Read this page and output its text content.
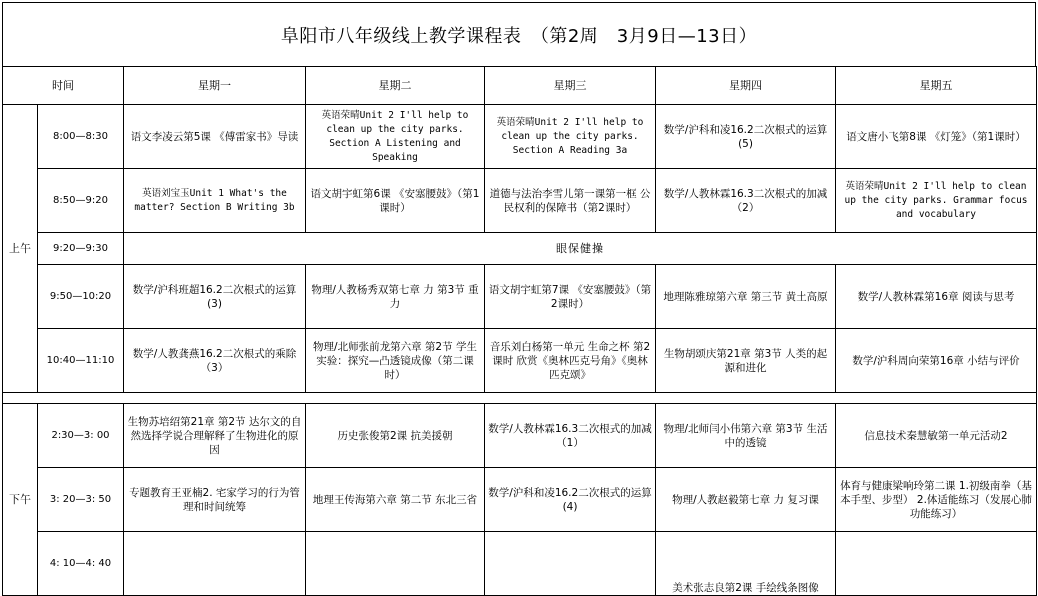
阜阳市八年级线上教学课程表　（第2周　3月9日—13日）
时间		星期一	星期二	星期三	星期四	星期五
上午	8:00—8:30	语文李凌云第5课 《傅雷家书》导读	英语荣晴Unit 2 I'll help to clean up the city parks. Section A Listening and Speaking	英语荣晴Unit 2 I'll help to clean up the city parks. Section A Reading 3a	数学/沪科和凌16.2二次根式的运算(5)	语文唐小飞第8课 《灯笼》（第1课时）
	8:50—9:20	英语刘宝玉Unit 1 What's the matter? Section B Writing 3b	语文胡宇虹第6课 《安塞腰鼓》（第1课时）	道德与法治李雪儿第一课第一框 公民权利的保障书（第2课时）	数学/人教林霖16.3二次根式的加减（2）	英语荣晴Unit 2 I'll help to clean up the city parks. Grammar focus and vocabulary
	9:20—9:30	眼保健操				
	9:50—10:20	数学/沪科班超16.2二次根式的运算(3)	物理/人教杨秀双第七章 力 第3节 重力	语文胡宇虹第7课 《安塞腰鼓》（第2课时）	地理陈雅琼第六章 第三节 黄土高原	数学/人教林霖第16章 阅读与思考
	10:40—11:10	数学/人教龚燕16.2二次根式的乘除（3）	物理/北师张前龙第六章 第2节 学生实验：探究—凸透镜成像（第二课时）	音乐刘白杨第一单元 生命之杯 第2课时 欣赏《奥林匹克号角》《奥林匹克颂》	生物胡颂庆第21章 第3节 人类的起源和进化	数学/沪科周向荣第16章 小结与评价

下午	2:30—3: 00	生物苏培绍第21章 第2节 达尔文的自然选择学说合理解释了生物进化的原因	历史张俊第2课 抗美援朝	数学/人教林霖16.3二次根式的加减（1）	物理/北师闫小伟第六章 第3节 生活中的透镜	信息技术秦慧敏第一单元活动2
	3: 20—3: 50	专题教育王亚楠2. 宅家学习的行为管理和时间统筹	地理王传海第六章 第二节 东北三省	数学/沪科和凌16.2二次根式的运算(4)	物理/人教赵毅第七章 力 复习课	体育与健康梁响玲第二课 1.初级南拳（基本手型、步型） 2.体适能练习（发展心肺功能练习）
	4: 10—4: 40				美术张志良第2课 手绘线条图像	
